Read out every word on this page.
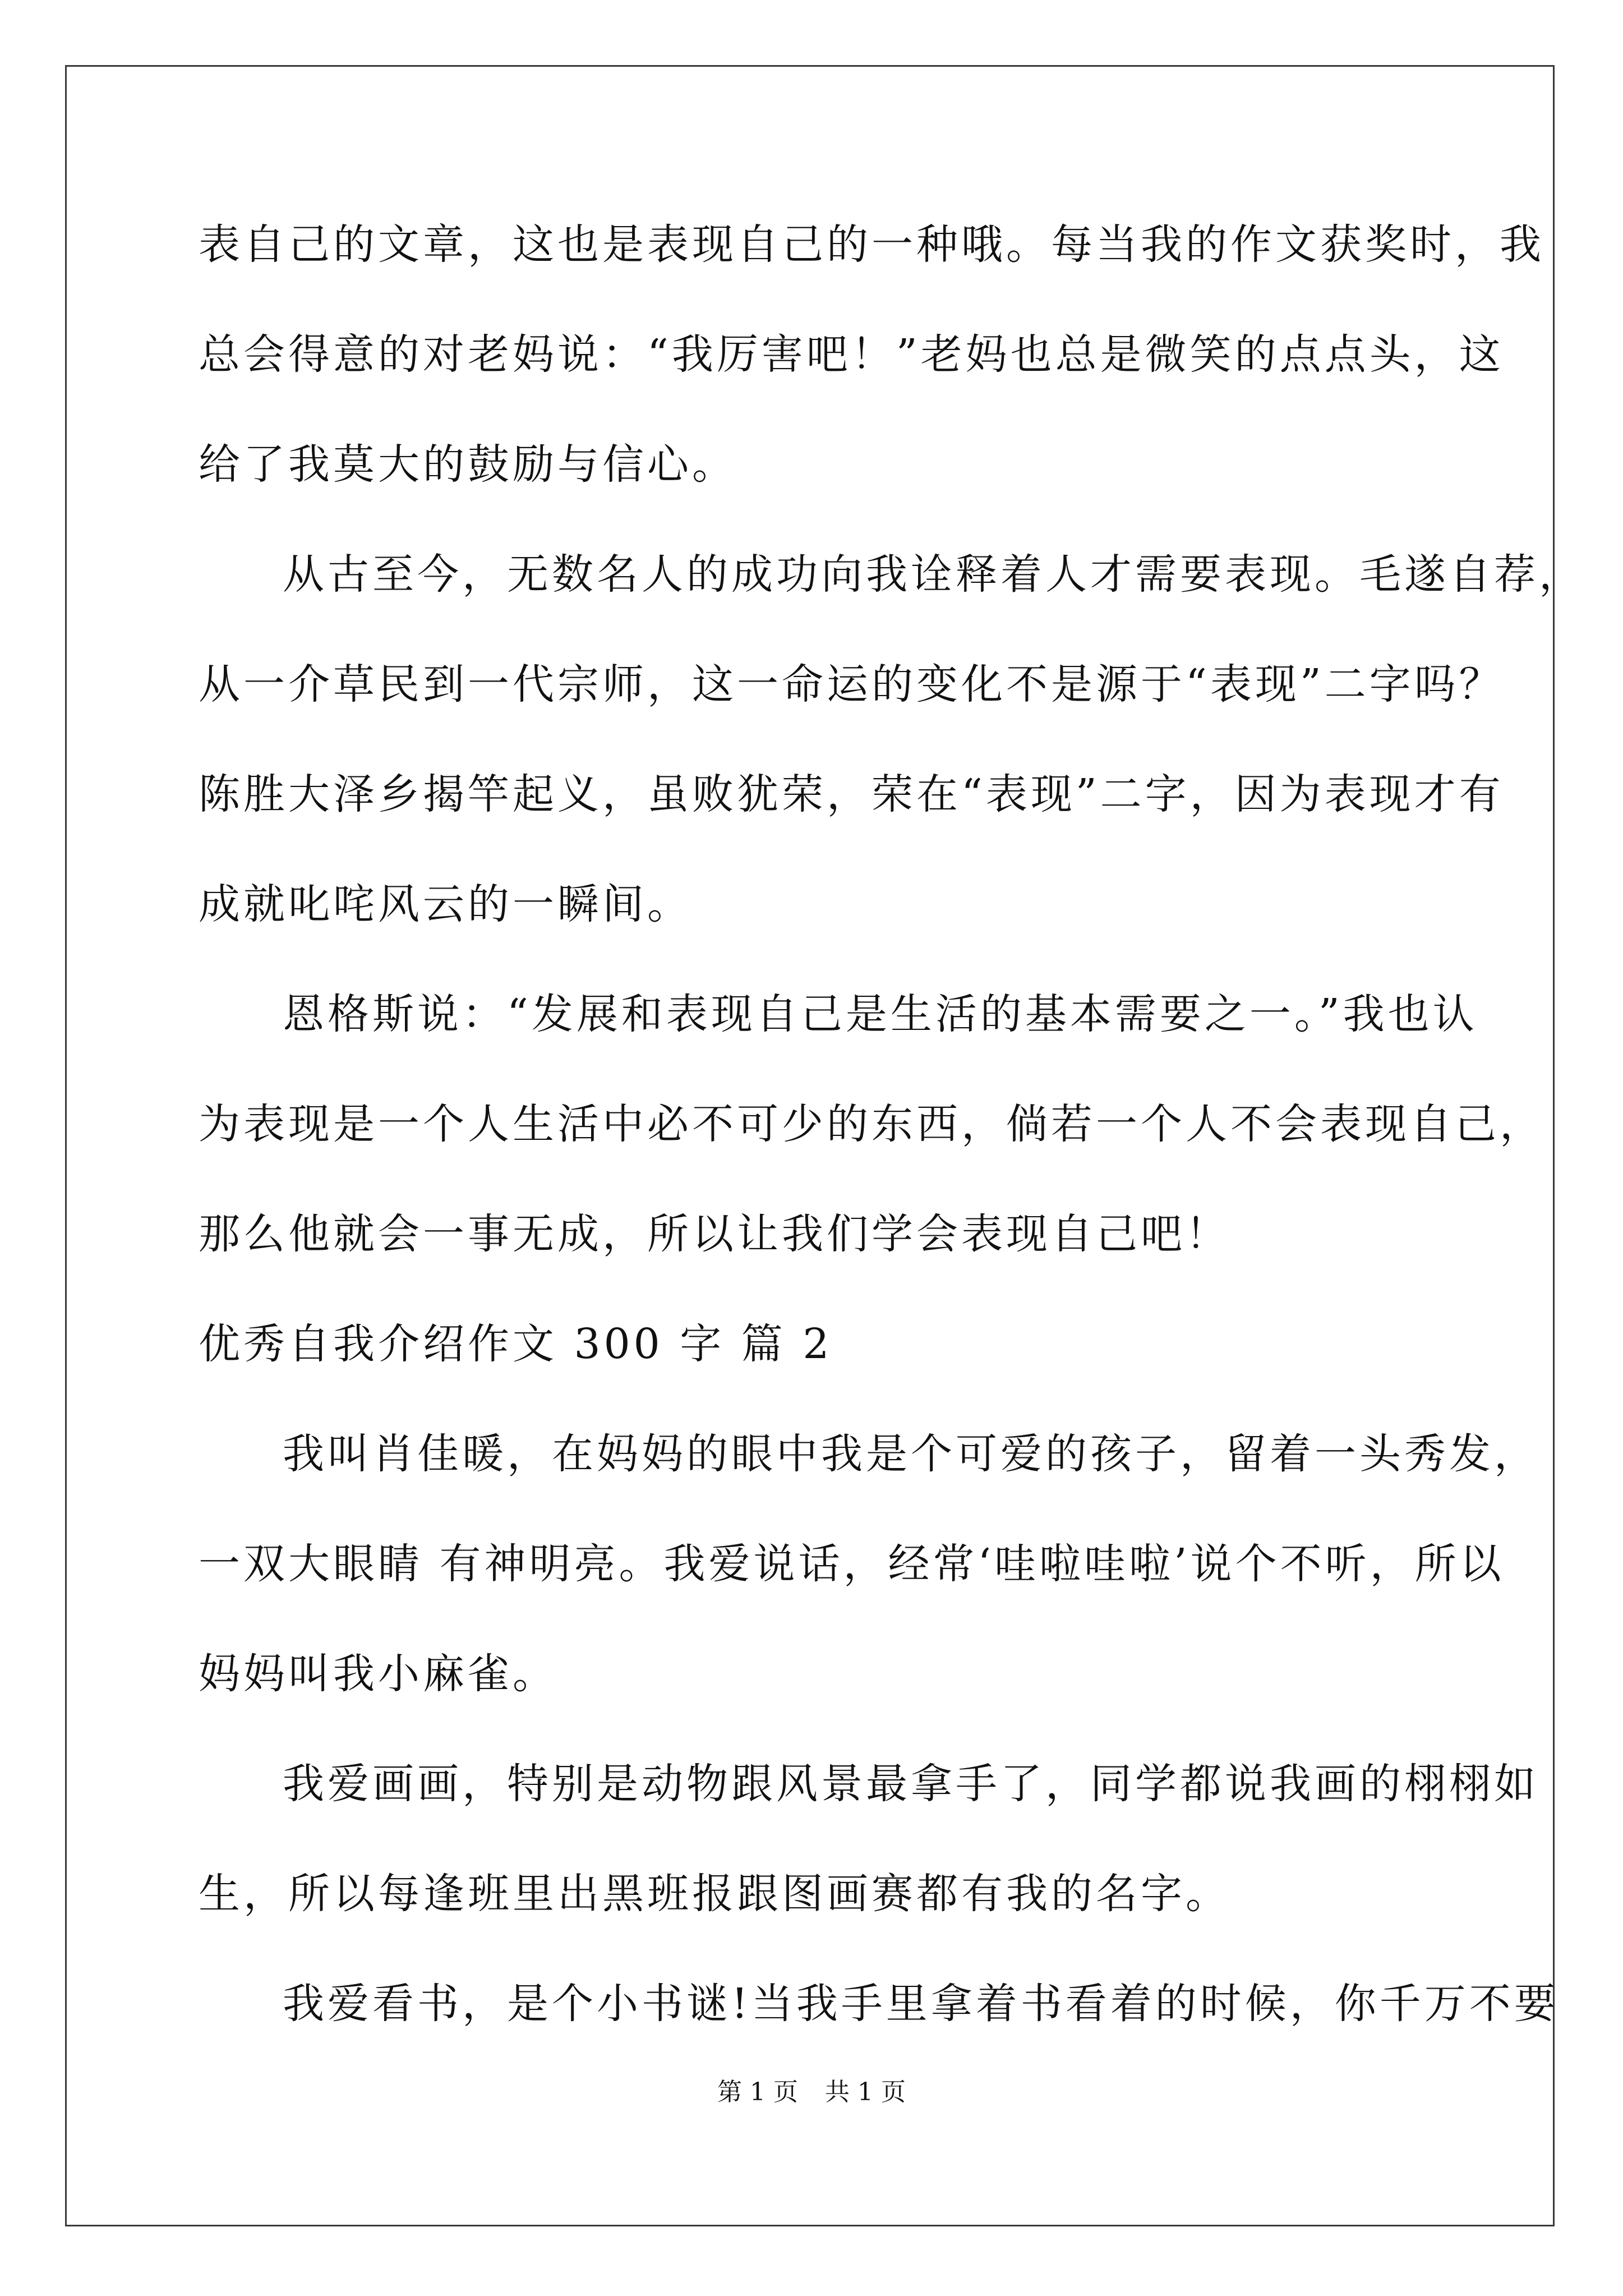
表自己的文章，这也是表现自己的一种哦。每当我的作文获奖时，我
总会得意的对老妈说：“我厉害吧！”老妈也总是微笑的点点头，这
给了我莫大的鼓励与信心。
从古至今，无数名人的成功向我诠释着人才需要表现。毛遂自荐，
从一介草民到一代宗师，这一命运的变化不是源于“表现”二字吗？
陈胜大泽乡揭竿起义，虽败犹荣，荣在“表现”二字，因为表现才有
成就叱咤风云的一瞬间。
恩格斯说：“发展和表现自己是生活的基本需要之一。”我也认
为表现是一个人生活中必不可少的东西，倘若一个人不会表现自己，
那么他就会一事无成，所以让我们学会表现自己吧！
优秀自我介绍作文 300 字 篇 2
我叫肖佳暖，在妈妈的眼中我是个可爱的孩子，留着一头秀发，
一双大眼睛 有神明亮。我爱说话，经常‘哇啦哇啦’说个不听，所以
妈妈叫我小麻雀。
我爱画画，特别是动物跟风景最拿手了，同学都说我画的栩栩如
生，所以每逢班里出黑班报跟图画赛都有我的名字。
我爱看书，是个小书谜!当我手里拿着书看着的时候，你千万不要
第 1 页 共 1 页
